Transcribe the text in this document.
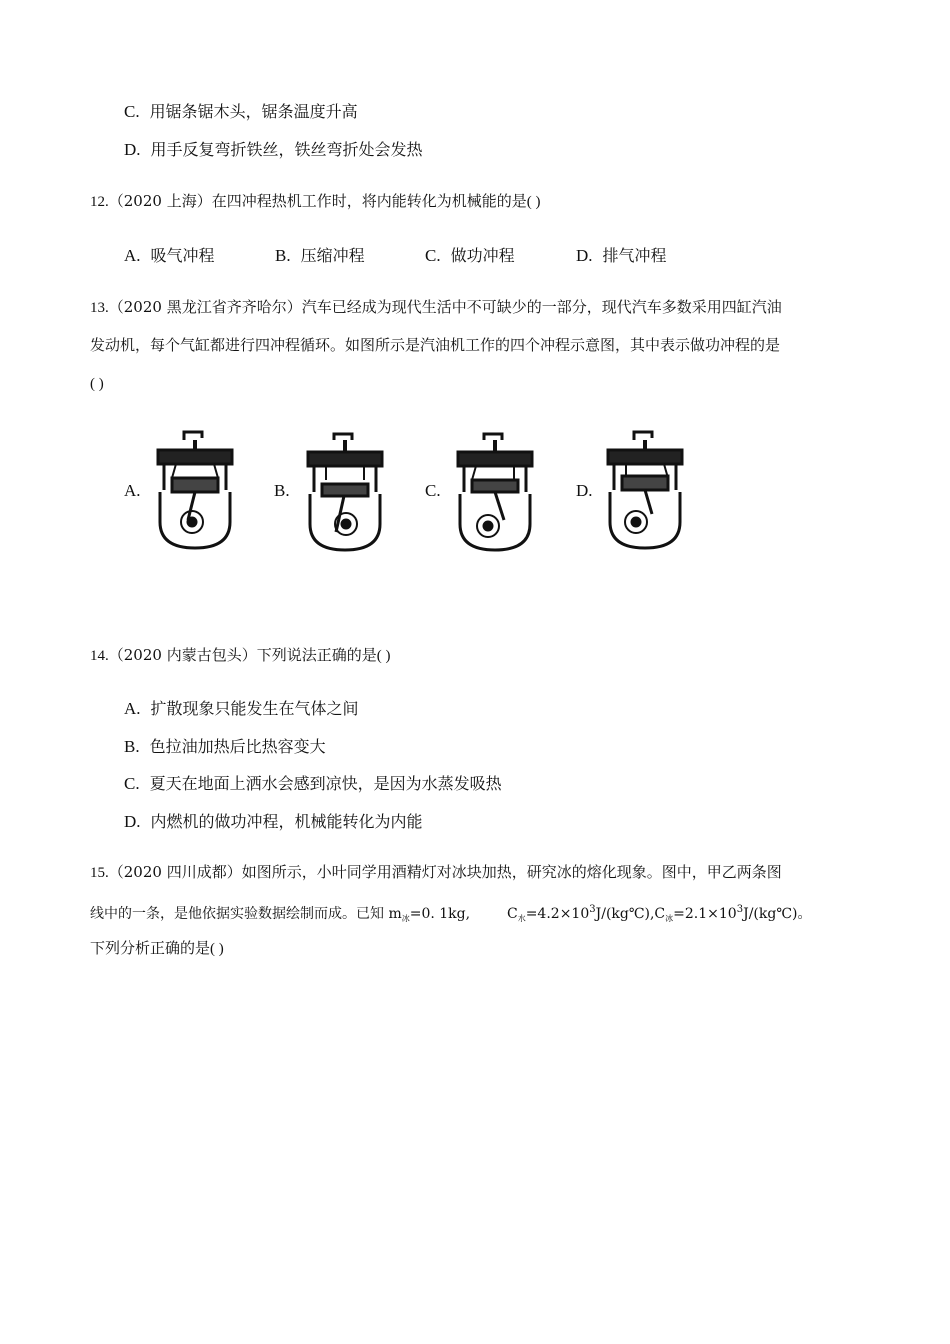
C. 用锯条锯木头，锯条温度升高
D. 用手反复弯折铁丝，铁丝弯折处会发热
12.（2020 上海）在四冲程热机工作时，将内能转化为机械能的是( )
A. 吸气冲程	B. 压缩冲程	C. 做功冲程	D. 排气冲程
13.（2020 黑龙江省齐齐哈尔）汽车已经成为现代生活中不可缺少的一部分，现代汽车多数采用四缸汽油
发动机，每个气缸都进行四冲程循环。如图所示是汽油机工作的四个冲程示意图，其中表示做功冲程的是
( )
A.	B.	C.	D.
14.（2020 内蒙古包头）下列说法正确的是( )
A. 扩散现象只能发生在气体之间
B. 色拉油加热后比热容变大
C. 夏天在地面上洒水会感到凉快，是因为水蒸发吸热
D. 内燃机的做功冲程，机械能转化为内能
15.（2020 四川成都）如图所示，小叶同学用酒精灯对冰块加热，研究冰的熔化现象。图中，甲乙两条图
线中的一条，是他依据实验数据绘制而成。已知 $m_冰=0$. 1kg,	$C_水=4.2\times 10^3J/(kg℃),C_冰=2.1\times 10^3J/(kg℃)$。
下列分析正确的是( )
